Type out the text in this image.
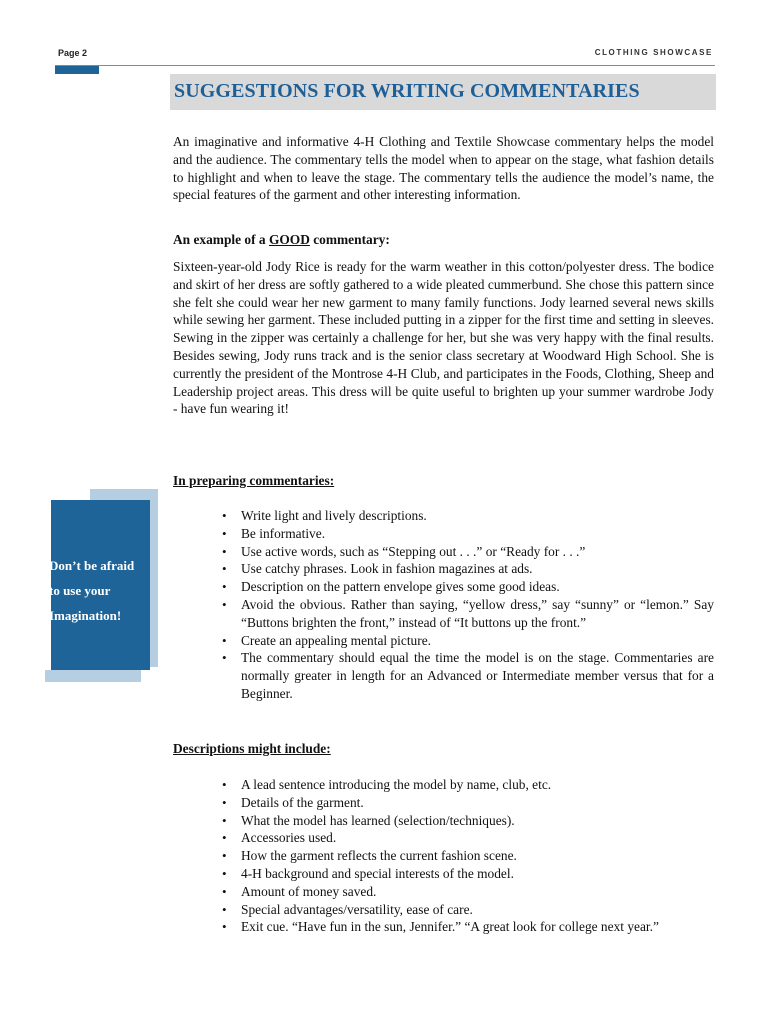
Page 2	CLOTHING SHOWCASE
SUGGESTIONS FOR WRITING COMMENTARIES

An imaginative and informative 4-H Clothing and Textile Showcase commentary helps the model and the audience. The commentary tells the model when to appear on the stage, what fashion details to highlight and when to leave the stage. The commentary tells the audience the model’s name, the special features of the garment and other interesting information.

An example of a GOOD commentary:

Sixteen-year-old Jody Rice is ready for the warm weather in this cotton/polyester dress. The bodice and skirt of her dress are softly gathered to a wide pleated cummerbund. She chose this pattern since she felt she could wear her new garment to many family functions. Jody learned several news skills while sewing her garment. These included putting in a zipper for the first time and setting in sleeves. Sewing in the zipper was certainly a challenge for her, but she was very happy with the final results. Besides sewing, Jody runs track and is the senior class secretary at Woodward High School. She is currently the president of the Montrose 4-H Club, and participates in the Foods, Clothing, Sheep and Leadership project areas. This dress will be quite useful to brighten up your summer wardrobe Jody - have fun wearing it!

In preparing commentaries:

• Write light and lively descriptions.
• Be informative.
• Use active words, such as “Stepping out . . .” or “Ready for . . .”
• Use catchy phrases. Look in fashion magazines at ads.
• Description on the pattern envelope gives some good ideas.
• Avoid the obvious. Rather than saying, “yellow dress,” say “sunny” or “lemon.” Say “Buttons brighten the front,” instead of “It buttons up the front.”
• Create an appealing mental picture.
• The commentary should equal the time the model is on the stage. Commentaries are normally greater in length for an Advanced or Intermediate member versus that for a Beginner.
Don’t be afraid
to use your
Imagination!

Descriptions might include:

• A lead sentence introducing the model by name, club, etc.
• Details of the garment.
• What the model has learned (selection/techniques).
• Accessories used.
• How the garment reflects the current fashion scene.
• 4-H background and special interests of the model.
• Amount of money saved.
• Special advantages/versatility, ease of care.
• Exit cue. “Have fun in the sun, Jennifer.” “A great look for college next year.”
